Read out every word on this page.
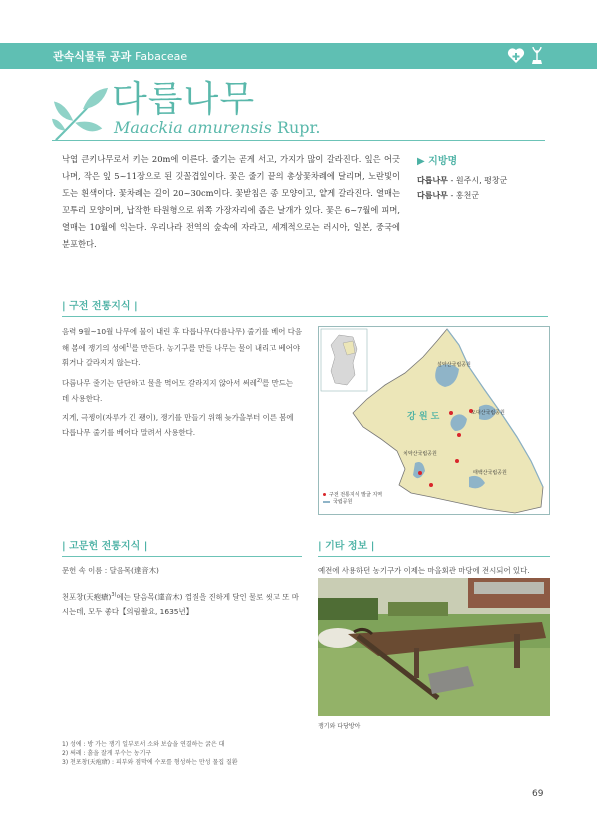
관속식물류 공과 Fabaceae
다릅나무
Maackia amurensis Rupr.
낙엽 큰키나무로서 키는 20m에 이른다. 줄기는 곧게 서고, 가지가 많이 갈라진다. 잎은 어긋나며, 작은 잎 5~11장으로 된 깃꼴겹잎이다. 꽃은 줄기 끝의 총상꽃차례에 달리며, 노란빛이 도는 흰색이다. 꽃차례는 길이 20~30cm이다. 꽃받침은 종 모양이고, 얕게 갈라진다. 열매는 꼬투리 모양이며, 납작한 타원형으로 위쪽 가장자리에 좁은 날개가 있다. 꽃은 6~7월에 피며, 열매는 10월에 익는다. 우리나라 전역의 숲속에 자라고, 세계적으로는 러시아, 일본, 중국에 분포한다.
▶ 지방명
다릅나무 - 원주시, 평창군
다름나무 - 홍천군
| 구전 전통지식 |

음력 9월~10월 나무에 물이 내린 후 다릅나무(다름나무) 줄기를 베어 다음 해 봄에 쟁기의 성에$^{1)}$를 만든다. 농기구를 만들 나무는 물이 내리고 베어야 휘거나 갈라지지 않는다.

다릅나무 줄기는 단단하고 물을 먹어도 갈라지지 않아서 써레$^{2)}$를 만드는 데 사용한다.

지게, 극젱이(자루가 긴 괭이), 쟁기를 만들기 위해 늦가을부터 이른 봄에 다릅나무 줄기를 베어다 말려서 사용한다.

강 원 도
설악산국립공원
오대산국립공원
치악산국립공원
태백산국립공원
구전 전통지식 발굴 지역
국립공원
| 고문헌 전통지식 |

문헌 속 이름 : 달음목(達音木)

천포창(天疱瘡)$^{3)}$에는 달음목(達音木) 껍질을 진하게 달인 물로 씻고 또 마시는데, 모두 좋다【의림촬요, 1635년】

| 기타 정보 |
예전에 사용하던 농기구가 이제는 마을회관 마당에 전시되어 있다.
쟁기와 다당방아
1) 성에 : 방 가는 쟁기 일부로서 소와 보습을 연결하는 굵은 대
2) 써레 : 흙을 잘게 부수는 농기구
3) 천포창(天疱瘡) : 피부와 점막에 수포를 형성하는 만성 물집 질환
69
